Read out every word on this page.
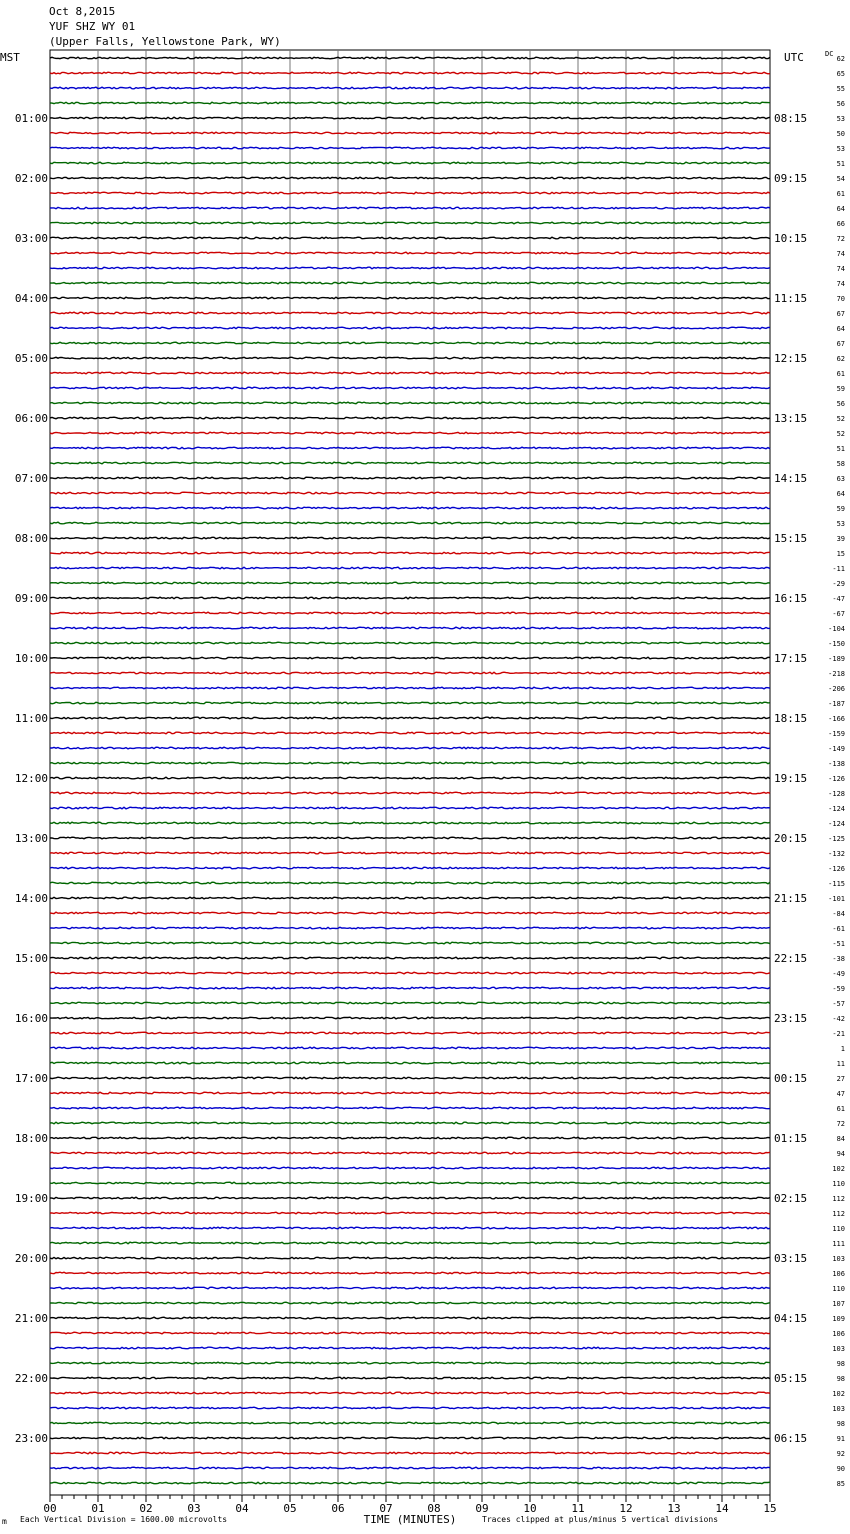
Oct 8,2015
YUF SHZ WY 01
(Upper Falls, Yellowstone Park, WY)
MST	UTC	DC
TIME (MINUTES)
62
65
55
56
53
50
53
51
54
61
64
66
72
74
74
74
70
67
64
67
62
61
59
56
52
52
51
58
63
64
59
53
39
15
-11
-29
-47
-67
-104
-150
-189
-218
-206
-187
-166
-159
-149
-138
-126
-128
-124
-124
-125
-132
-126
-115
-101
-84
-61
-51
-38
-49
-59
-57
-42
-21
1
11
27
47
61
72
84
94
102
110
112
112
110
111
103
106
110
107
109
106
103
98
98
102
103
98
91
92
90
85
01:00
02:00
03:00
04:00
05:00
06:00
07:00
08:00
09:00
10:00
11:00
12:00
13:00
14:00
15:00
16:00
17:00
18:00
19:00
20:00
21:00
22:00
23:00
08:15
09:15
10:15
11:15
12:15
13:15
14:15
15:15
16:15
17:15
18:15
19:15
20:15
21:15
22:15
23:15
00:15
01:15
02:15
03:15
04:15
05:15
06:15
00	01	02	03	04	05	06	07	08	09	10	11	12	13	14	15
m Each Vertical Division = 1600.00 microvolts	Traces clipped at plus/minus 5 vertical divisions
